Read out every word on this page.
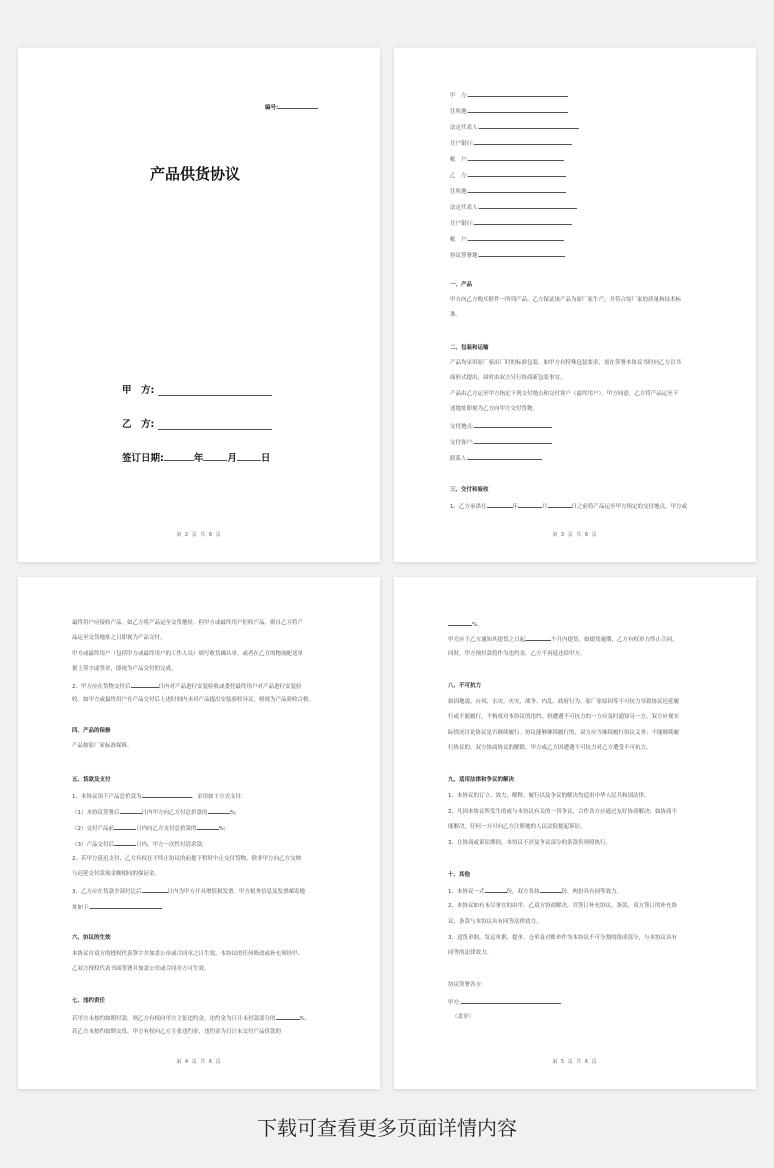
编号:
产品供货协议
甲　方:
乙　方:
签订日期:	年	月	日
第 2 页 共 6 页
甲　方:
住所地:
法定代表人:
开户银行:
帐　户:
乙　方:
住所地:
法定代表人:
开户银行:
帐　户:
协议签署地:
一、产品
甲方向乙方购买附件一所列产品。乙方保证该产品为原厂家生产，并符合原厂家的质量和技术标
准。
二、包装和运输
产品均采用原厂家出厂时的标准包装。如甲方有特殊包装要求，需在签署本协议书时向乙方以书
面形式提出，届时由双方另行协商新包装事宜。
产品由乙方运至甲方指定下列交付地点和交付客户（最终用户）。甲方同意，乙方将产品运至下
述地址即视为乙方向甲方交付货物。
交付地点:
交付客户:
联系人:
三、交付和验收
1、乙方承诺在	年	月	日之前将产品运至甲方指定的交付地点，甲方或
第 3 页 共 6 页
最终用户应接收产品。如乙方将产品运至交货地址，但甲方或最终用户拒收产品，则自乙方将产
品运至交货地址之日即视为产品交付。
甲方或最终用户（包括甲方或最终用户的工作人员）填写收货确认单，或者在乙方的物流配送单
据上签字或签章，即视为产品交付的完成。
2、甲方应在货物交付后	日内对产品进行安装验收或委托最终用户对产品进行安装验
收。如甲方或最终用户在产品交付后上述时间内未对产品提出安装验收异议，则视为产品验收合格。
四、产品的保修
产品按原厂家标准保修。
五、货款及支付
1、本协议项下产品总价款为	。采用如下方式支付:
（1）本协议签署后	日内甲方向乙方付总价款的	%;
（2）交付产品前	日内向乙方支付总价款的	%;
（3）产品交付后	日内，甲方一次性付清余款;
2、若甲方延迟支付，乙方有权在不终止协议的前提下暂时中止交付货物，除非甲方向乙方交纳
与迟延交付款项金额相同的保证金。
3、乙方应在货款全部付讫后	日内为甲方开具增值税发票。甲方税务信息及发票邮寄地
址如下:
六、协议的生效
本协议自双方的授权代表签字并加盖公章或合同章之日生效。本协议的任何修改或补充须经甲、
乙双方授权代表书面签署并加盖公章或合同章方可生效。
七、违约责任
若甲方未按约如期付款，则乙方有权向甲方主张违约金，违约金为日计未付款部分的	%。
若乙方未按约如期交货，甲方有权向乙方主张违约金，违约金为日计未交付产品价款的
第 4 页 共 6 页
%。
甲方应于乙方通知其提货之日起	个月内提货，如提货逾期，乙方有权单方终止合同，
同时，甲方预付款将作为违约金，乙方不再返还给甲方。
八、不可抗力
如因地震、台风、水灾、火灾、战争、内乱、政府行为、原厂家原因等不可抗力导致协议迟延履
行或不能履行，不构成对本协议的违约，但遭遇不可抗力的一方应及时通知另一方。双方应视实
际情况讨论协议是否继续履行。协议能够继续履行的，双方应当继续履行协议义务；不能继续履
行协议的，双方协商协议的解除，甲方或乙方因遭遇不可抗力对乙方遭受不可抗力。
九、适用法律和争议的解决
1、本协议的订立、效力、解释、履行以及争议的解决均适用中华人民共和国法律。
2、凡因本协议所发生的或与本协议有关的一切争议，合作各方应通过友好协商解决；如协商不
能解决，任何一方可向乙方注册地的人民法院提起诉讼。
3、在协商或诉讼期间，本协议不涉及争议部分的条款仍须照执行。
十、其他
1、本协议一式	份，双方各执	份，两份具有同等效力。
2、本协议如有未尽事宜的由甲、乙双方协商解决，并签订补充协议、条款，双方签订的补充协
议、条款与本协议具有同等法律效力。
3、送货单据、发运单据、提单、仓单及对账单作为本协议不可分割的组成部分，与本协议具有
同等的法律效力。
协议签署各方:
甲方:
（盖章）
第 5 页 共 6 页
下载可查看更多页面详情内容
